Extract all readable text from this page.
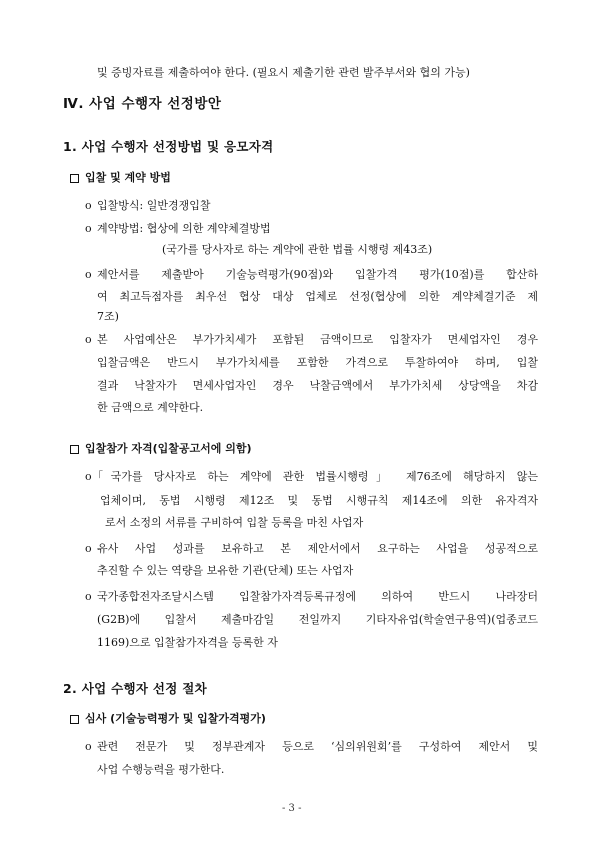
및 증빙자료를 제출하여야 한다. (필요시 제출기한 관련 발주부서와 협의 가능)
Ⅳ. 사업 수행자 선정방안
1. 사업 수행자 선정방법 및 응모자격
입찰 및 계약 방법
o 입찰방식: 일반경쟁입찰
o 계약방법: 협상에 의한 계약체결방법
(국가를 당사자로 하는 계약에 관한 법률 시행령 제43조)
o 제안서를 제출받아 기술능력평가(90점)와 입찰가격 평가(10점)를 합산하
여 최고득점자를 최우선 협상 대상 업체로 선정(협상에 의한 계약체결기준 제
7조)
o 본 사업예산은 부가가치세가 포함된 금액이므로 입찰자가 면세업자인 경우
입찰금액은 반드시 부가가치세를 포함한 가격으로 투찰하여야 하며, 입찰
결과 낙찰자가 면세사업자인 경우 낙찰금액에서 부가가치세 상당액을 차감
한 금액으로 계약한다.
입찰참가 자격(입찰공고서에 의함)
o 「국가를 당사자로 하는 계약에 관한 법률시행령」 제76조에 해당하지 않는
업체이며, 동법 시행령 제12조 및 동법 시행규칙 제14조에 의한 유자격자
로서 소정의 서류를 구비하여 입찰 등록을 마친 사업자
o 유사 사업 성과를 보유하고 본 제안서에서 요구하는 사업을 성공적으로
추진할 수 있는 역량을 보유한 기관(단체) 또는 사업자
o 국가종합전자조달시스템 입찰참가자격등록규정에 의하여 반드시 나라장터
(G2B)에 입찰서 제출마감일 전일까지 기타자유업(학술연구용역)(업종코드
1169)으로 입찰참가자격을 등록한 자
2. 사업 수행자 선정 절차
심사 (기술능력평가 및 입찰가격평가)
o 관련 전문가 및 정부관계자 등으로 ‘심의위원회’를 구성하여 제안서 및
사업 수행능력을 평가한다.
- 3 -
